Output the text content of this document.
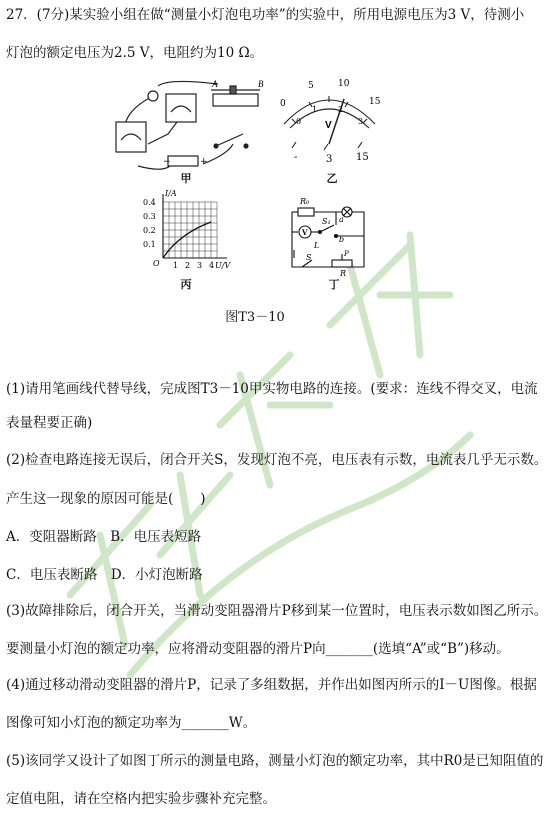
初中物理
27．(7分)某实验小组在做“测量小灯泡电功率”的实验中，所用电源电压为3 V，待测小
灯泡的额定电压为2.5 V，电阻约为10 Ω。
A	B
−	+
甲
0
5	10
15
0
1	2
3
V
-	3 15
乙
I/A
0.4
0.3
0.2
0.1
O 1 2 3 4 U/V
丙
R₀
V
S₁ a
b
L
S
R
P
丁
图T3－10
(1)请用笔画线代替导线，完成图T3－10甲实物电路的连接。(要求：连线不得交叉，电流
表量程要正确)
(2)检查电路连接无误后，闭合开关S，发现灯泡不亮，电压表有示数，电流表几乎无示数。
产生这一现象的原因可能是(　　)
A．变阻器断路　B．电压表短路
C．电压表断路　D．小灯泡断路
(3)故障排除后，闭合开关，当滑动变阻器滑片P移到某一位置时，电压表示数如图乙所示。
要测量小灯泡的额定功率，应将滑动变阻器的滑片P向_______(选填“A”或“B”)移动。
(4)通过移动滑动变阻器的滑片P，记录了多组数据，并作出如图丙所示的I－U图像。根据
图像可知小灯泡的额定功率为_______W。
(5)该同学又设计了如图丁所示的测量电路，测量小灯泡的额定功率，其中R0是已知阻值的
定值电阻，请在空格内把实验步骤补充完整。
